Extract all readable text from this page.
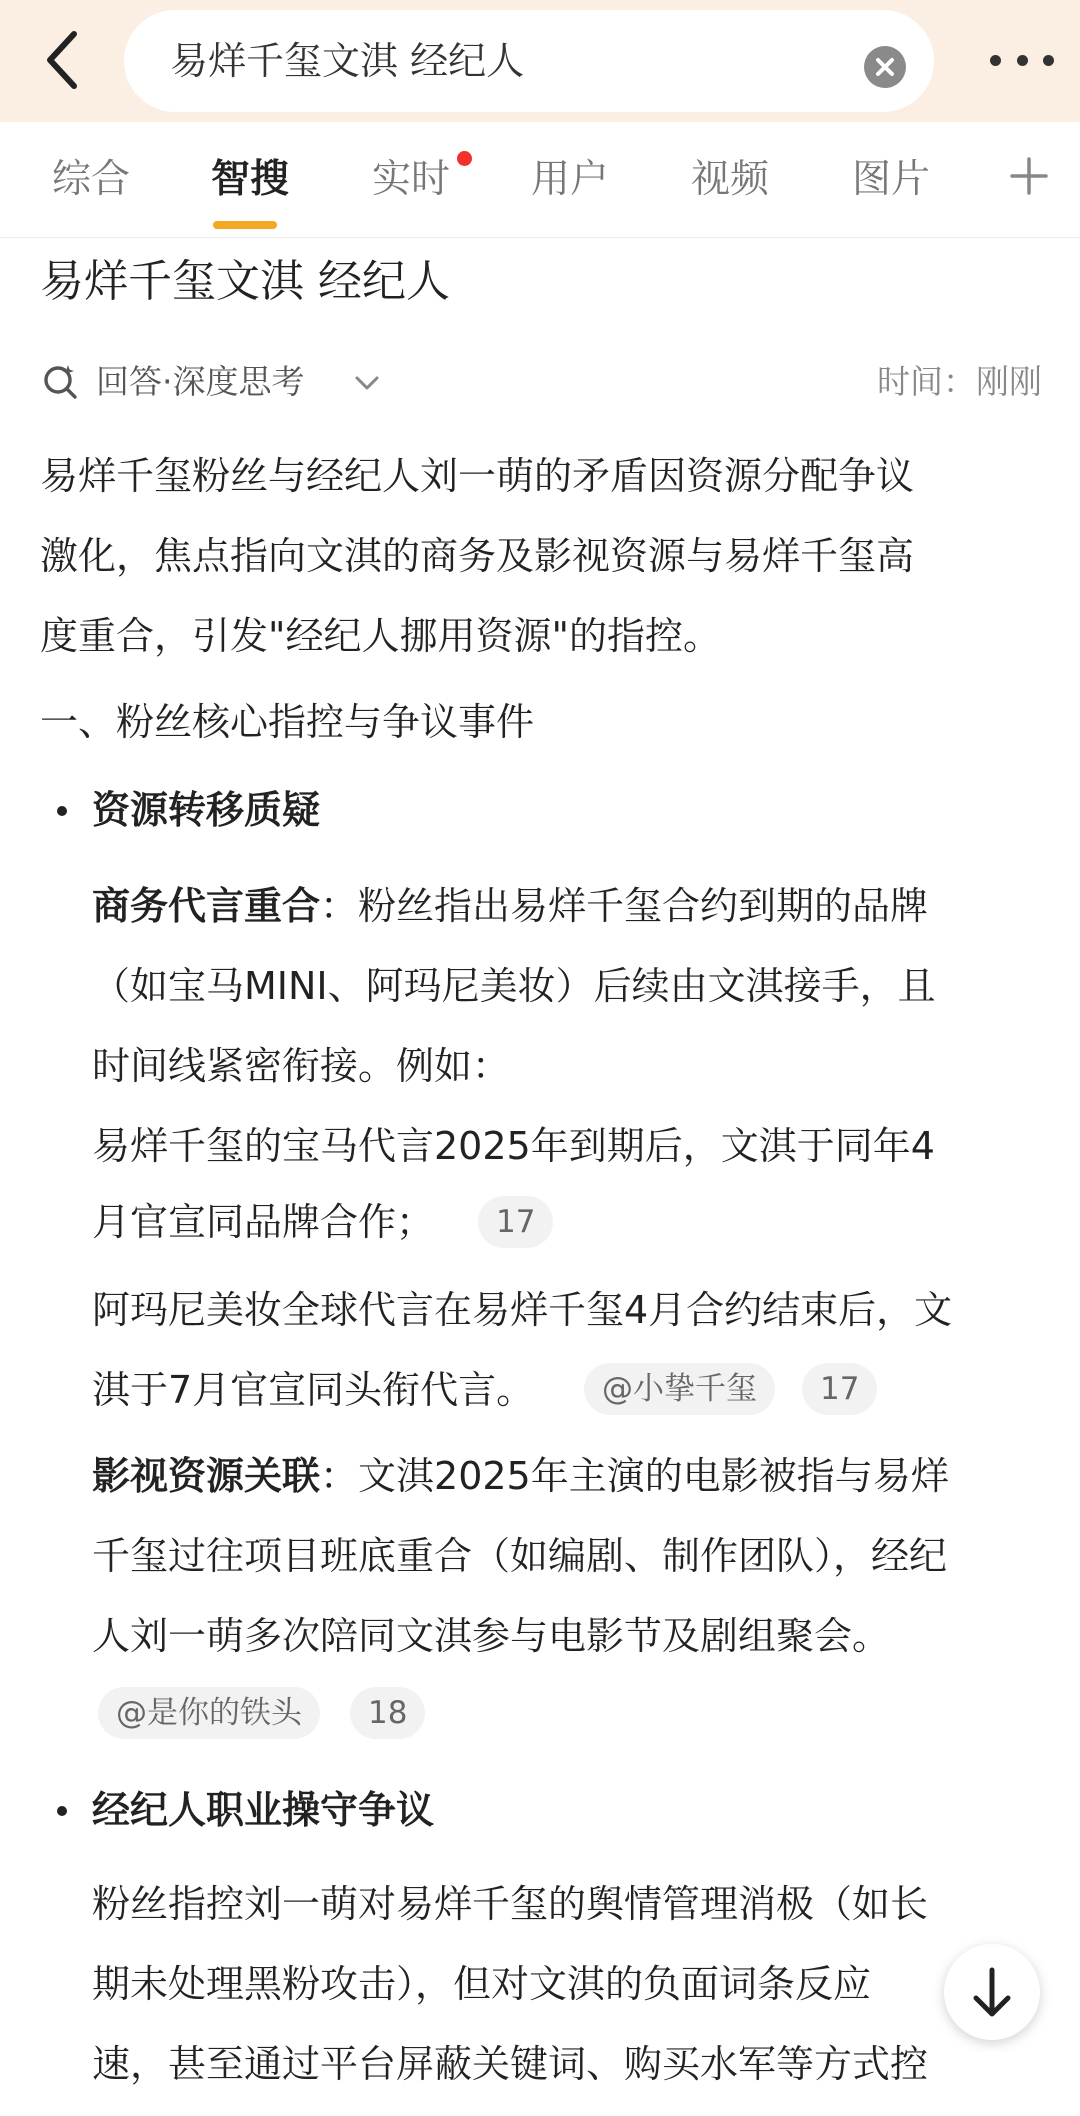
易烊千玺文淇 经纪人
综合 智搜 实时 用户 视频 图片
易烊千玺文淇 经纪人
回答·深度思考	时间：刚刚
易烊千玺粉丝与经纪人刘一萌的矛盾因资源分配争议
激化，焦点指向文淇的商务及影视资源与易烊千玺高
度重合，引发"经纪人挪用资源"的指控。
一、粉丝核心指控与争议事件
资源转移质疑
商务代言重合：粉丝指出易烊千玺合约到期的品牌
（如宝马MINI、阿玛尼美妆）后续由文淇接手，且
时间线紧密衔接。例如：
易烊千玺的宝马代言2025年到期后，文淇于同年4
月官宣同品牌合作；	17
阿玛尼美妆全球代言在易烊千玺4月合约结束后，文
淇于7月官宣同头衔代言。	@小挚千玺	17
影视资源关联：文淇2025年主演的电影被指与易烊
千玺过往项目班底重合（如编剧、制作团队），经纪
人刘一萌多次陪同文淇参与电影节及剧组聚会。
@是你的铁头	18
经纪人职业操守争议
粉丝指控刘一萌对易烊千玺的舆情管理消极（如长
期未处理黑粉攻击），但对文淇的负面词条反应
速，甚至通过平台屏蔽关键词、购买水军等方式控
